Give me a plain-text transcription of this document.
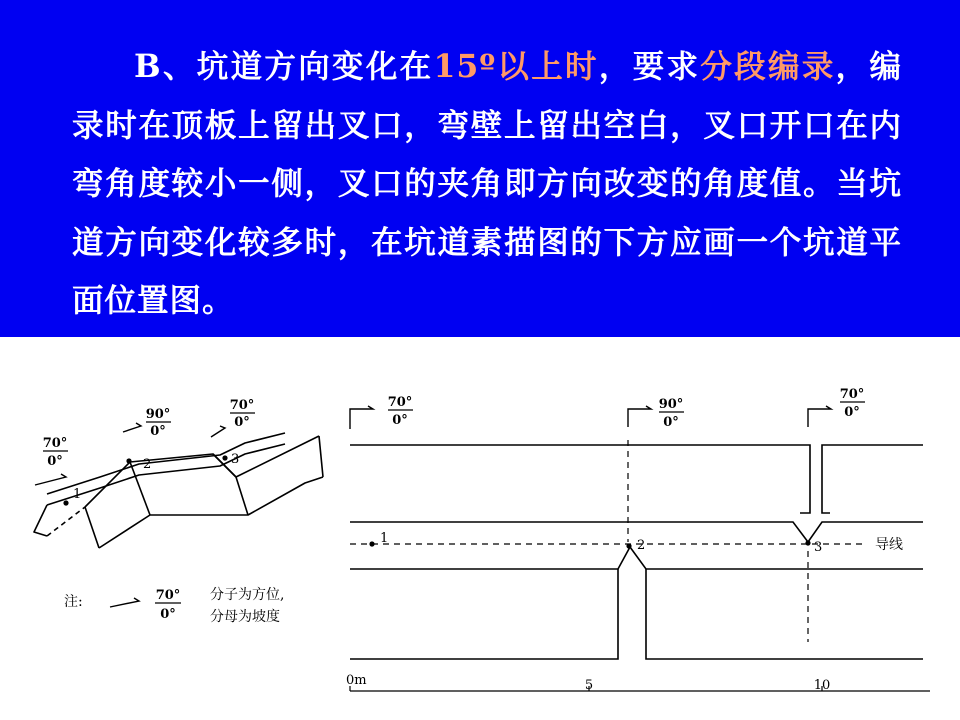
B、坑道方向变化在15º以上时，要求分段编录，编录时在顶板上留出叉口，弯壁上留出空白，叉口开口在内弯角度较小一侧，叉口的夹角即方向改变的角度值。当坑道方向变化较多时，在坑道素描图的下方应画一个坑道平面位置图。

1
2	3
70°
0°
90°
0°
70°
0°
注:	70°
0°
分子为方位,
分母为坡度
导线
1	2	3
70°
0°
90°
0°
70°
0°
0m	5	10
